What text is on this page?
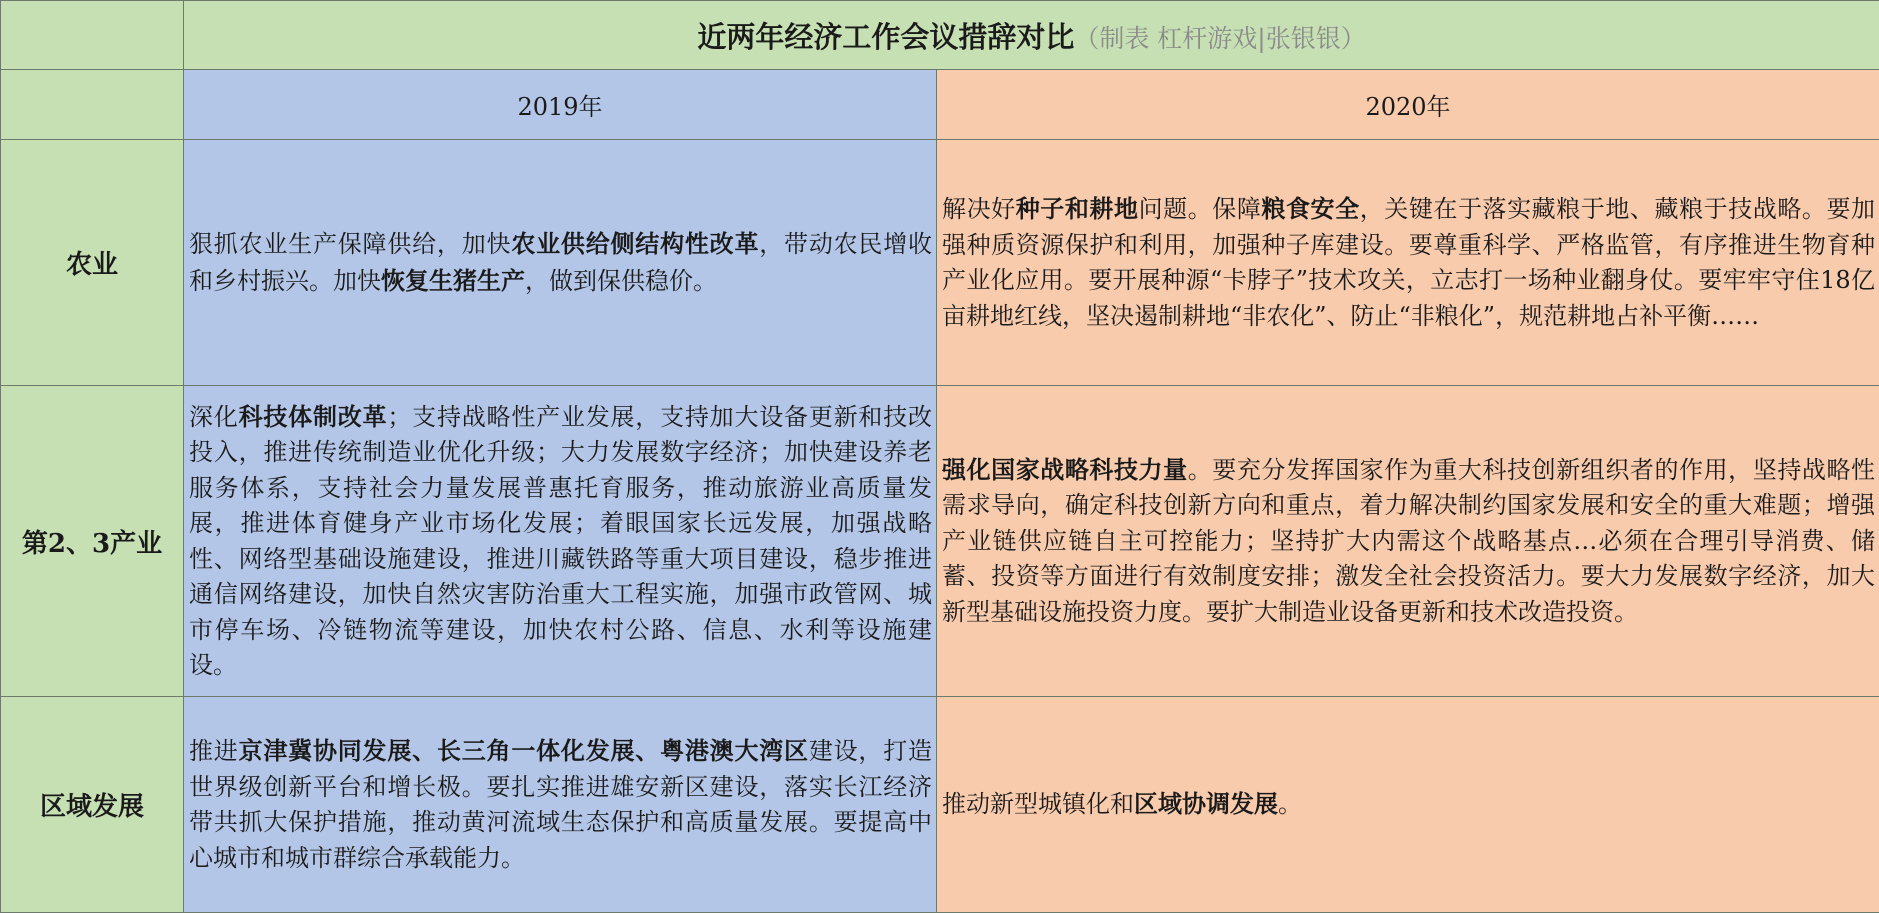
	近两年经济工作会议措辞对比（制表 杠杆游戏|张银银）	
	2019年	2020年
农业	狠抓农业生产保障供给，加快农业供给侧结构性改革，带动农民增收和乡村振兴。加快恢复生猪生产，做到保供稳价。	解决好种子和耕地问题。保障粮食安全，关键在于落实藏粮于地、藏粮于技战略。要加强种质资源保护和利用，加强种子库建设。要尊重科学、严格监管，有序推进生物育种产业化应用。要开展种源“卡脖子”技术攻关，立志打一场种业翻身仗。要牢牢守住18亿亩耕地红线，坚决遏制耕地“非农化”、防止“非粮化”，规范耕地占补平衡……
第2、3产业	深化科技体制改革；支持战略性产业发展，支持加大设备更新和技改投入，推进传统制造业优化升级；大力发展数字经济；加快建设养老服务体系，支持社会力量发展普惠托育服务，推动旅游业高质量发展，推进体育健身产业市场化发展；着眼国家长远发展，加强战略性、网络型基础设施建设，推进川藏铁路等重大项目建设，稳步推进通信网络建设，加快自然灾害防治重大工程实施，加强市政管网、城市停车场、冷链物流等建设，加快农村公路、信息、水利等设施建设。	强化国家战略科技力量。要充分发挥国家作为重大科技创新组织者的作用，坚持战略性需求导向，确定科技创新方向和重点，着力解决制约国家发展和安全的重大难题；增强产业链供应链自主可控能力；坚持扩大内需这个战略基点…必须在合理引导消费、储蓄、投资等方面进行有效制度安排；激发全社会投资活力。要大力发展数字经济，加大新型基础设施投资力度。要扩大制造业设备更新和技术改造投资。
区域发展	推进京津冀协同发展、长三角一体化发展、粤港澳大湾区建设，打造世界级创新平台和增长极。要扎实推进雄安新区建设，落实长江经济带共抓大保护措施，推动黄河流域生态保护和高质量发展。要提高中心城市和城市群综合承载能力。	推动新型城镇化和区域协调发展。
